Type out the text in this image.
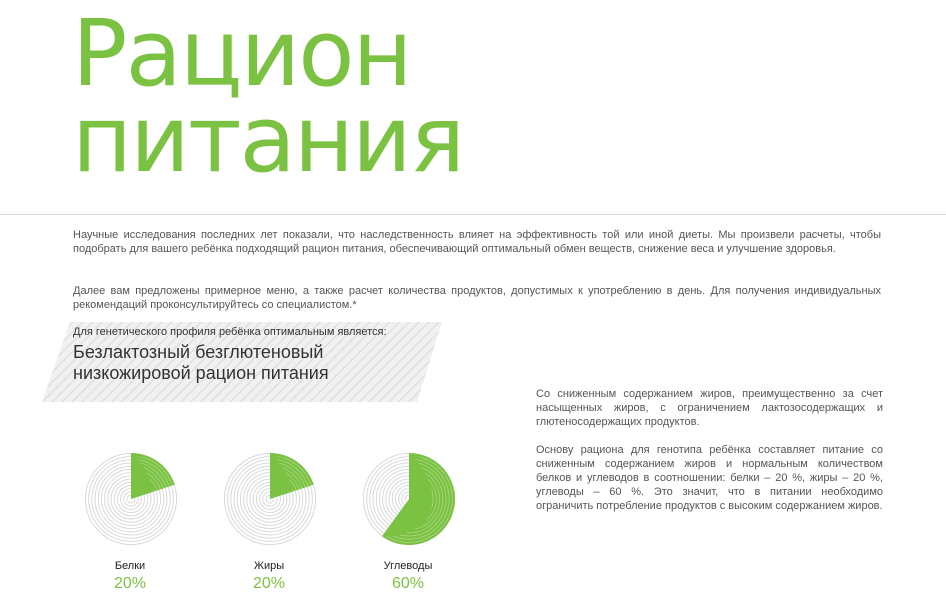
Рацион
питания

Научные исследования последних лет показали, что наследственность влияет на эффективность той или иной диеты. Мы произвели расчеты, чтобы подобрать для вашего ребёнка подходящий рацион питания, обеспечивающий оптимальный обмен веществ, снижение веса и улучшение здоровья.

Далее вам предложены примерное меню, а также расчет количества продуктов, допустимых к употреблению в день. Для получения индивидуальных рекомендаций проконсультируйтесь со специалистом.*

Для генетического профиля ребёнка оптимальным является:

Безлактозный безглютеновый низкожировой рацион питания

Со сниженным содержанием жиров, преимущественно за счет насыщенных жиров, с ограничением лактозосодержащих и глютеносодержащих продуктов.

Основу рациона для генотипа ребёнка составляет питание со сниженным содержанием жиров и нормальным количеством белков и углеводов в соотношении: белки – 20 %, жиры – 20 %, углеводы – 60 %. Это значит, что в питании необходимо ограничить потребление продуктов с высоким содержанием жиров.

Белки

20%

Жиры

20%

Углеводы

60%
